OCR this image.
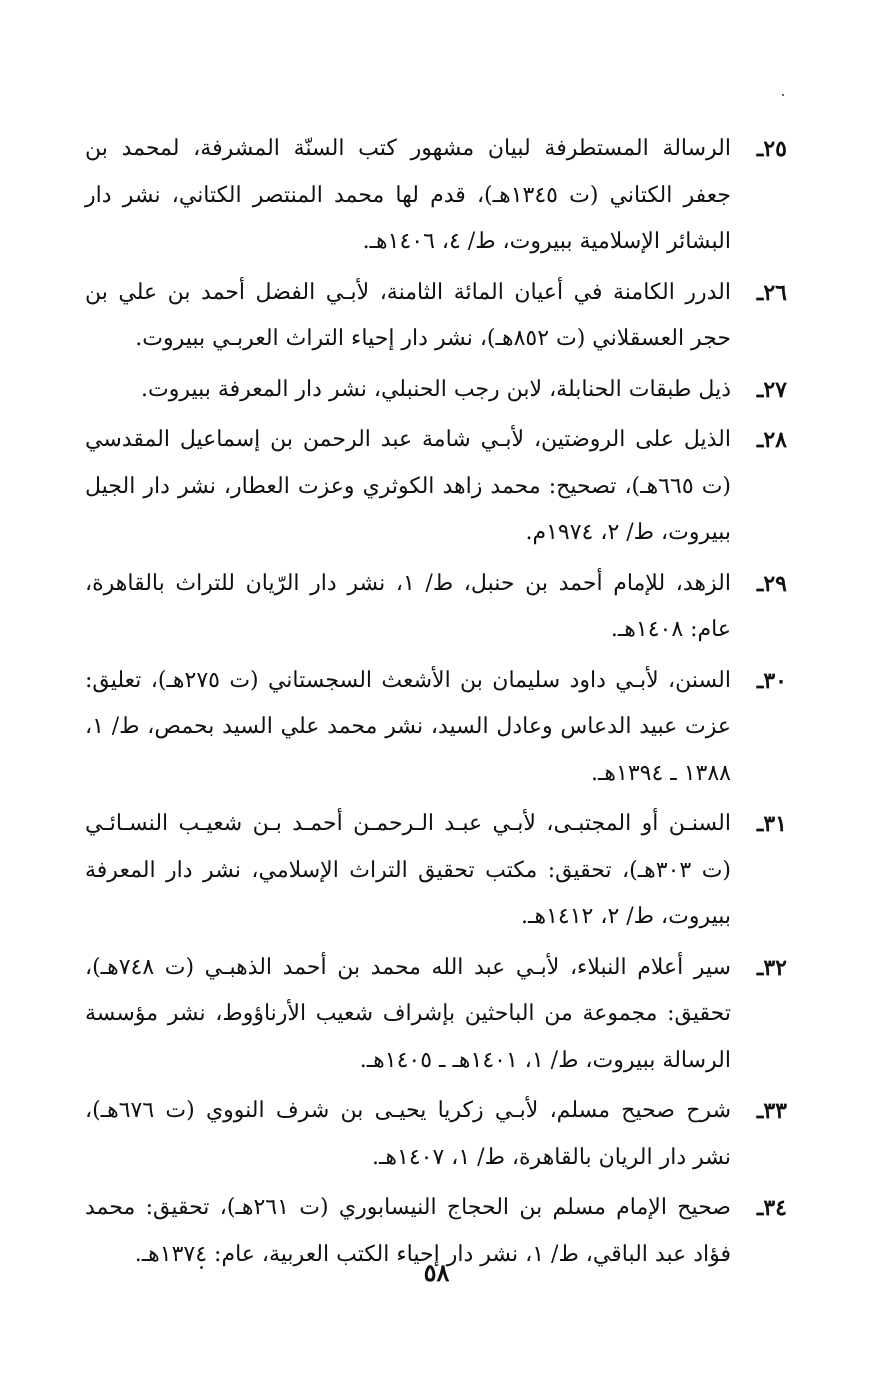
٢٥ـ
الرسالة المستطرفة لبيان مشهور كتب السنّة المشرفة، لمحمد بن جعفر الكتاني (ت ١٣٤٥هـ)، قدم لها محمد المنتصر الكتاني، نشر دار البشائر الإسلامية ببيروت، ط/ ٤، ١٤٠٦هـ.
٢٦ـ
الدرر الكامنة في أعيان المائة الثامنة، لأبـي الفضل أحمد بن علي بن حجر العسقلاني (ت ٨٥٢هـ)، نشر دار إحياء التراث العربـي ببيروت.
٢٧ـ
ذيل طبقات الحنابلة، لابن رجب الحنبلي، نشر دار المعرفة ببيروت.
٢٨ـ
الذيل على الروضتين، لأبـي شامة عبد الرحمن بن إسماعيل المقدسي (ت ٦٦٥هـ)، تصحيح: محمد زاهد الكوثري وعزت العطار، نشر دار الجيل ببيروت، ط/ ٢، ١٩٧٤م.
٢٩ـ
الزهد، للإمام أحمد بن حنبل، ط/ ١، نشر دار الرّيان للتراث بالقاهرة، عام: ١٤٠٨هـ.
٣٠ـ
السنن، لأبـي داود سليمان بن الأشعث السجستاني (ت ٢٧٥هـ)، تعليق: عزت عبيد الدعاس وعادل السيد، نشر محمد علي السيد بحمص، ط/ ١، ١٣٨٨ ـ ١٣٩٤هـ.
٣١ـ
السنـن أو المجتبـى، لأبـي عبـد الـرحمـن أحمـد بـن شعيـب النسـائـي (ت ٣٠٣هـ)، تحقيق: مكتب تحقيق التراث الإسلامي، نشر دار المعرفة ببيروت، ط/ ٢، ١٤١٢هـ.
٣٢ـ
سير أعلام النبلاء، لأبـي عبد الله محمد بن أحمد الذهبـي (ت ٧٤٨هـ)، تحقيق: مجموعة من الباحثين بإشراف شعيب الأرناؤوط، نشر مؤسسة الرسالة ببيروت، ط/ ١، ١٤٠١هـ ـ ١٤٠٥هـ.
٣٣ـ
شرح صحيح مسلم، لأبـي زكريا يحيـى بن شرف النووي (ت ٦٧٦هـ)، نشر دار الريان بالقاهرة، ط/ ١، ١٤٠٧هـ.
٣٤ـ
صحيح الإمام مسلم بن الحجاج النيسابوري (ت ٢٦١هـ)، تحقيق: محمد فؤاد عبد الباقي، ط/ ١، نشر دار إحياء الكتب العربية، عام: ١٣٧٤هـ.
٥٨
